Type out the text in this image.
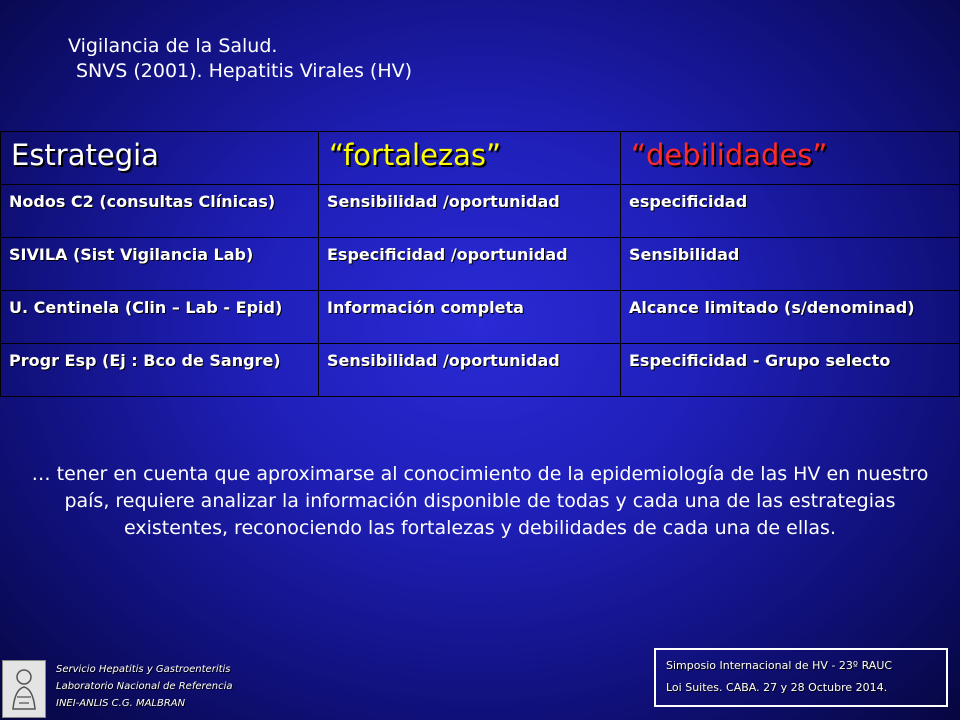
Vigilancia de la Salud.
SNVS (2001). Hepatitis Virales (HV)
Estrategia	“fortalezas”	“debilidades”
Nodos C2 (consultas Clínicas)	Sensibilidad /oportunidad	especificidad
SIVILA (Sist Vigilancia Lab)	Especificidad /oportunidad	Sensibilidad
U. Centinela (Clin – Lab - Epid)	Información completa	Alcance limitado (s/denominad)
Progr Esp (Ej : Bco de Sangre)	Sensibilidad /oportunidad	Especificidad - Grupo selecto
… tener en cuenta que aproximarse al conocimiento de la epidemiología de las HV en nuestro país, requiere analizar la información disponible de todas y cada una de las estrategias existentes, reconociendo las fortalezas y debilidades de cada una de ellas.
Servicio Hepatitis y Gastroenteritis
Laboratorio Nacional de Referencia
INEI-ANLIS C.G. MALBRAN
Simposio Internacional de HV - 23º RAUC
Loi Suites. CABA. 27 y 28 Octubre 2014.
